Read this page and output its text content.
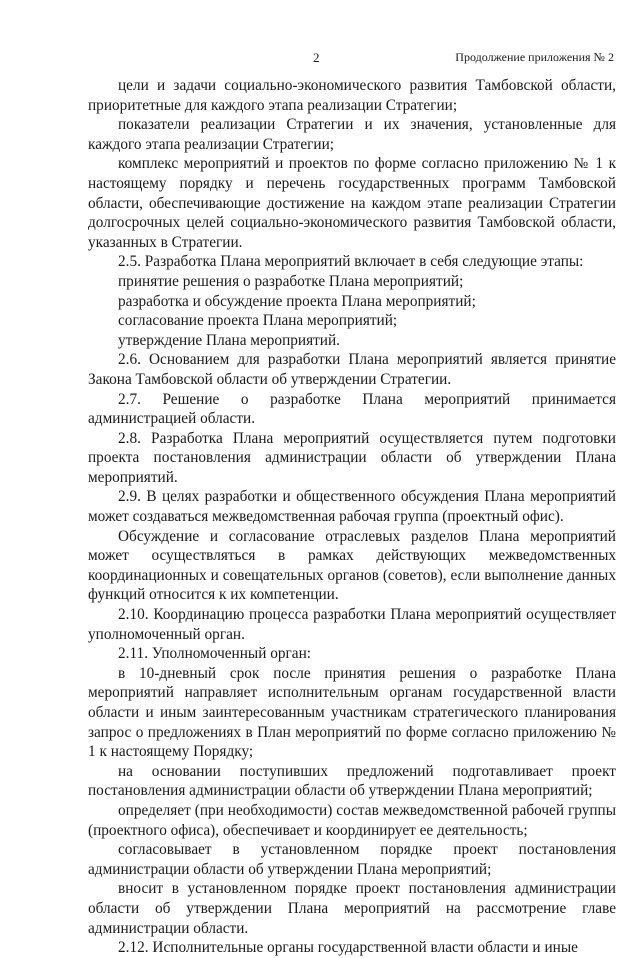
2	Продолжение приложения № 2

цели и задачи социально-экономического развития Тамбовской области, приоритетные для каждого этапа реализации Стратегии;

показатели реализации Стратегии и их значения, установленные для каждого этапа реализации Стратегии;

комплекс мероприятий и проектов по форме согласно приложению № 1 к настоящему порядку и перечень государственных программ Тамбовской области, обеспечивающие достижение на каждом этапе реализации Стратегии долгосрочных целей социально-экономического развития Тамбовской области, указанных в Стратегии.

2.5. Разработка Плана мероприятий включает в себя следующие этапы:

принятие решения о разработке Плана мероприятий;

разработка и обсуждение проекта Плана мероприятий;

согласование проекта Плана мероприятий;

утверждение Плана мероприятий.

2.6. Основанием для разработки Плана мероприятий является принятие Закона Тамбовской области об утверждении Стратегии.

2.7. Решение о разработке Плана мероприятий принимается администрацией области.

2.8. Разработка Плана мероприятий осуществляется путем подготовки проекта постановления администрации области об утверждении Плана мероприятий.

2.9. В целях разработки и общественного обсуждения Плана мероприятий может создаваться межведомственная рабочая группа (проектный офис).

Обсуждение и согласование отраслевых разделов Плана мероприятий может осуществляться в рамках действующих межведомственных координационных и совещательных органов (советов), если выполнение данных функций относится к их компетенции.

2.10. Координацию процесса разработки Плана мероприятий осуществляет уполномоченный орган.

2.11. Уполномоченный орган:

в 10-дневный срок после принятия решения о разработке Плана мероприятий направляет исполнительным органам государственной власти области и иным заинтересованным участникам стратегического планирования запрос о предложениях в План мероприятий по форме согласно приложению № 1 к настоящему Порядку;

на основании поступивших предложений подготавливает проект постановления администрации области об утверждении Плана мероприятий;

определяет (при необходимости) состав межведомственной рабочей группы (проектного офиса), обеспечивает и координирует ее деятельность;

согласовывает в установленном порядке проект постановления администрации области об утверждении Плана мероприятий;

вносит в установленном порядке проект постановления администрации области об утверждении Плана мероприятий на рассмотрение главе администрации области.

2.12. Исполнительные органы государственной власти области и иные
